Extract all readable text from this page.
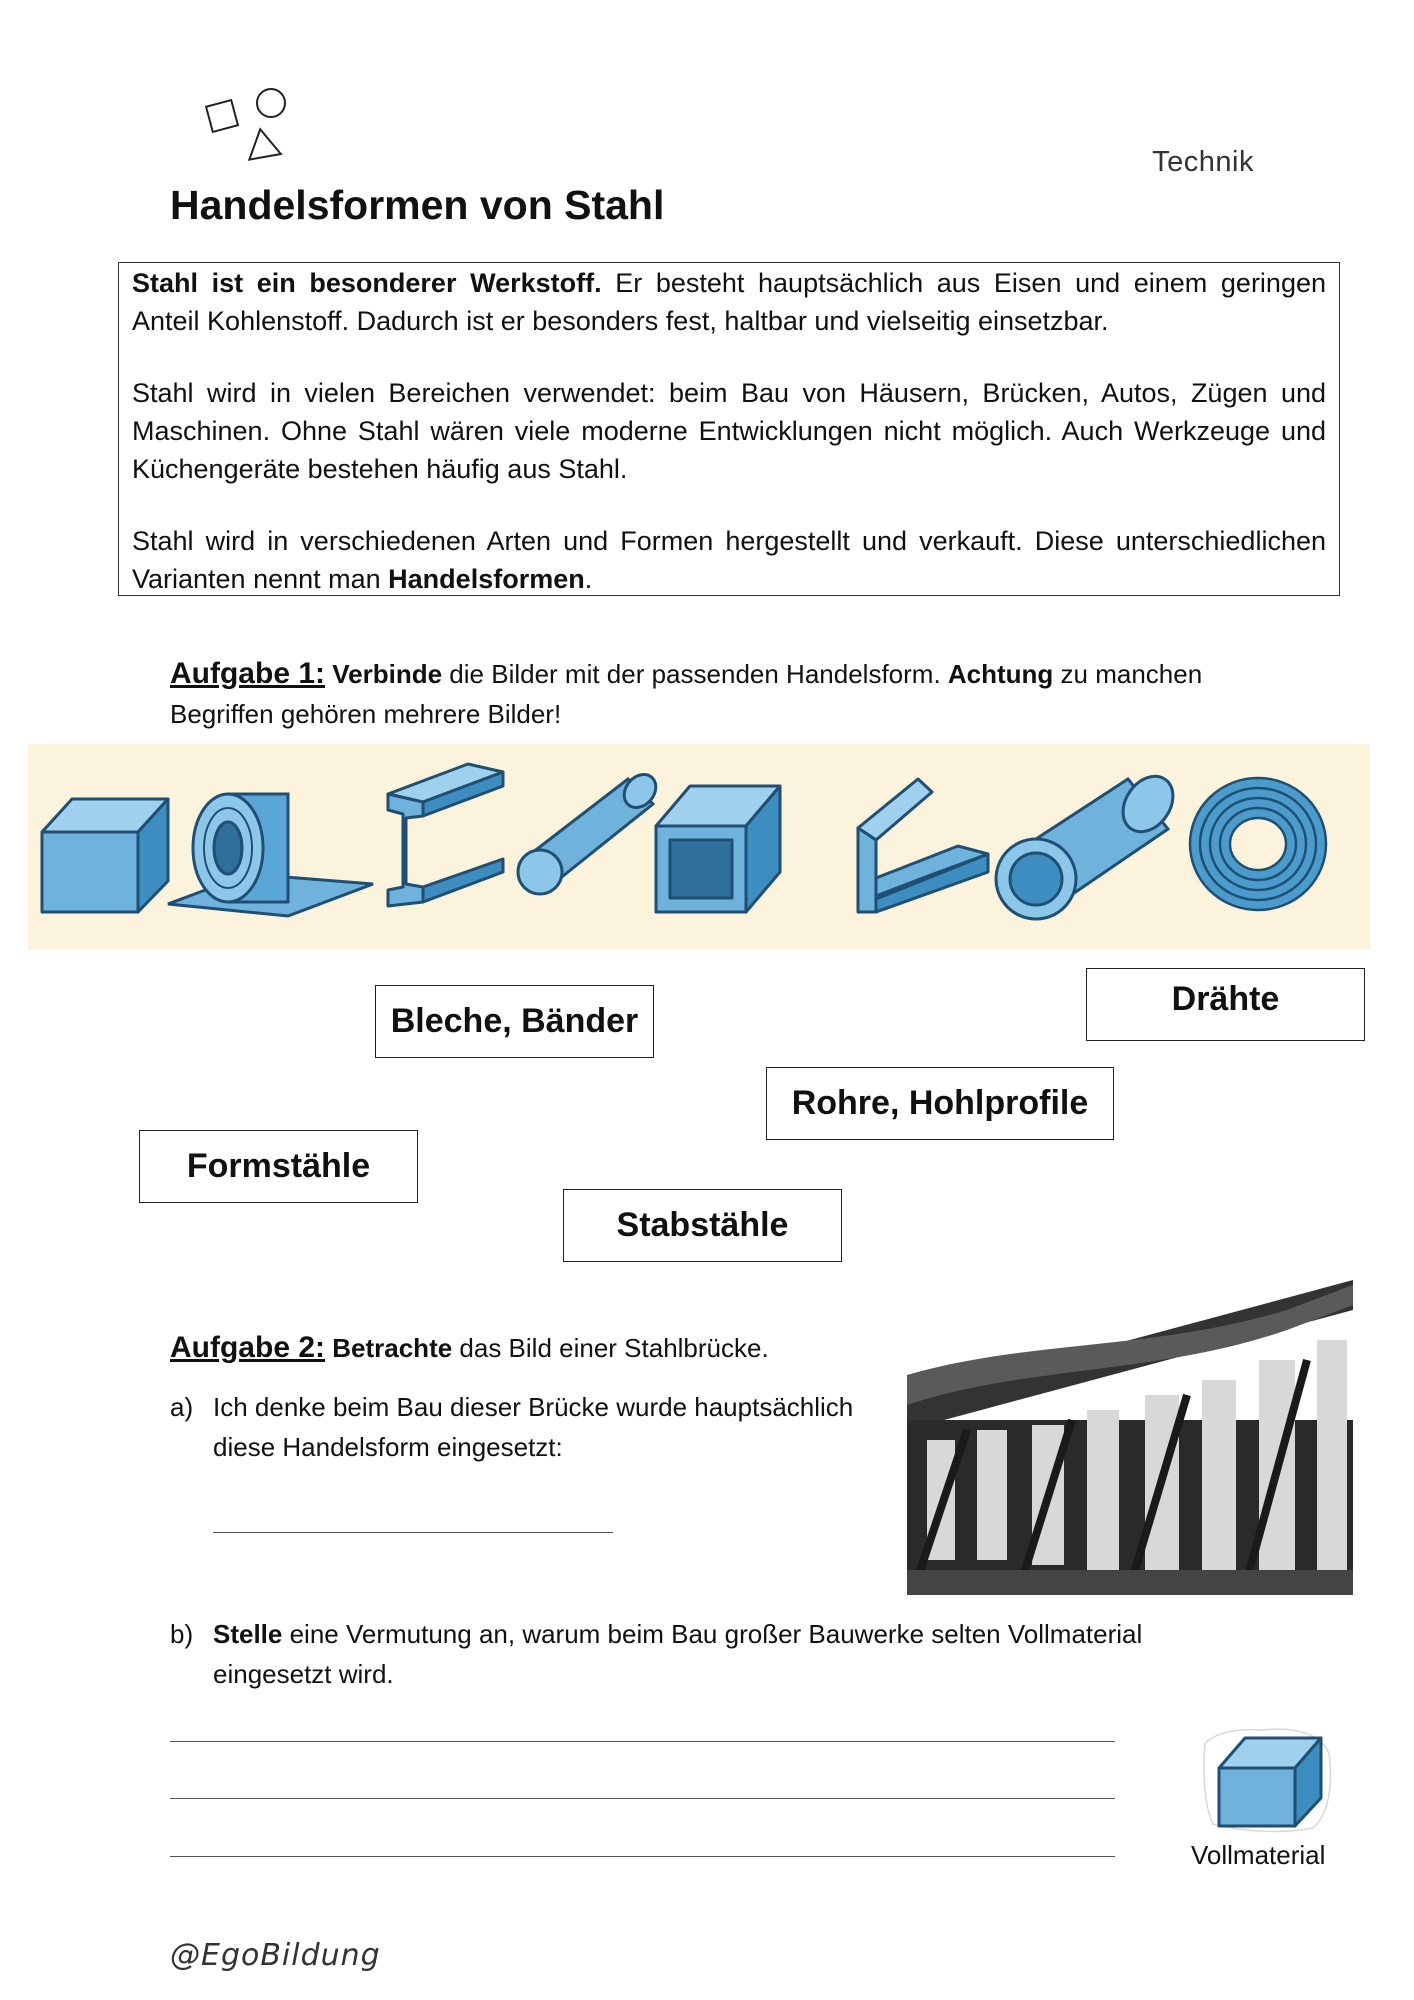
Technik
Handelsformen von Stahl

Stahl ist ein besonderer Werkstoff. Er besteht hauptsächlich aus Eisen und einem geringen Anteil Kohlenstoff. Dadurch ist er besonders fest, haltbar und vielseitig einsetzbar.

Stahl wird in vielen Bereichen verwendet: beim Bau von Häusern, Brücken, Autos, Zügen und Maschinen. Ohne Stahl wären viele moderne Entwicklungen nicht möglich. Auch Werkzeuge und Küchengeräte bestehen häufig aus Stahl.

Stahl wird in verschiedenen Arten und Formen hergestellt und verkauft. Diese unterschiedlichen Varianten nennt man Handelsformen.

Aufgabe 1: Verbinde die Bilder mit der passenden Handelsform. Achtung zu manchen Begriffen gehören mehrere Bilder!
Bleche, Bänder
Drähte
Rohre, Hohlprofile
Formstähle
Stabstähle
Aufgabe 2: Betrachte das Bild einer Stahlbrücke.
a) Ich denke beim Bau dieser Brücke wurde hauptsächlich diese Handelsform eingesetzt:
b) Stelle eine Vermutung an, warum beim Bau großer Bauwerke selten Vollmaterial eingesetzt wird.
Vollmaterial
@EgoBildung
